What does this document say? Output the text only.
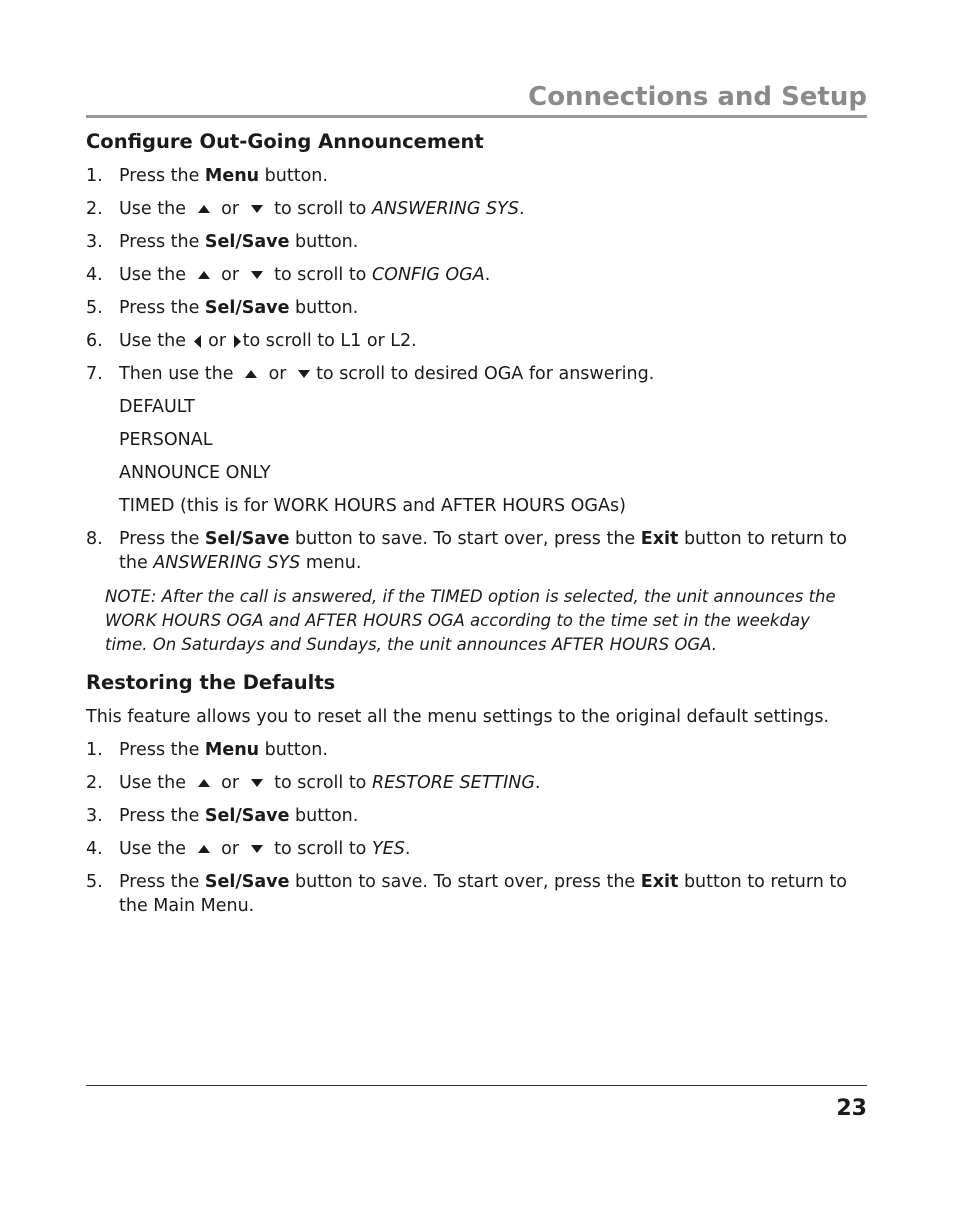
Connections and Setup
Configure Out-Going Announcement
1. Press the Menu button.
2. Use the
or
to scroll to ANSWERING SYS.
3. Press the Sel/Save button.
4. Use the
or
to scroll to CONFIG OGA.
5. Press the Sel/Save button.
6. Use the
or
to scroll to L1 or L2.
7. Then use the
or
to scroll to desired OGA for answering.
DEFAULT
PERSONAL
ANNOUNCE ONLY
TIMED (this is for WORK HOURS and AFTER HOURS OGAs)
8. Press the Sel/Save button to save. To start over, press the Exit button to return to the ANSWERING SYS menu.
NOTE: After the call is answered, if the TIMED option is selected, the unit announces the WORK HOURS OGA and AFTER HOURS OGA according to the time set in the weekday time. On Saturdays and Sundays, the unit announces AFTER HOURS OGA.
Restoring the Defaults

This feature allows you to reset all the menu settings to the original default settings.

1. Press the Menu button.
2. Use the
or
to scroll to RESTORE SETTING.
3. Press the Sel/Save button.
4. Use the
or
to scroll to YES.
5. Press the Sel/Save button to save. To start over, press the Exit button to return to the Main Menu.
23
